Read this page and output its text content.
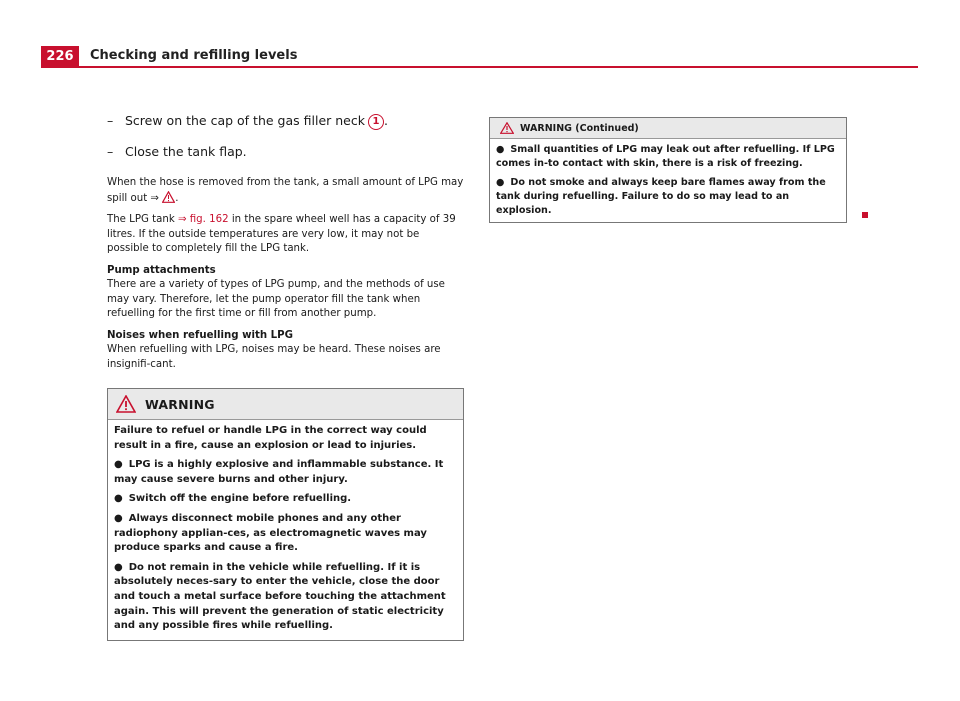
226	Checking and refilling levels
– Screw on the cap of the gas filler neck 1 .
– Close the tank flap.

When the hose is removed from the tank, a small amount of LPG may spill out ⇒ .

The LPG tank ⇒ fig. 162 in the spare wheel well has a capacity of 39 litres. If the outside temperatures are very low, it may not be possible to completely fill the LPG tank.

Pump attachments

There are a variety of types of LPG pump, and the methods of use may vary. Therefore, let the pump operator fill the tank when refuelling for the first time or fill from another pump.

Noises when refuelling with LPG

When refuelling with LPG, noises may be heard. These noises are insignifi-cant.

WARNING

Failure to refuel or handle LPG in the correct way could result in a fire, cause an explosion or lead to injuries.

● LPG is a highly explosive and inflammable substance. It may cause severe burns and other injury.

● Switch off the engine before refuelling.

● Always disconnect mobile phones and any other radiophony applian-ces, as electromagnetic waves may produce sparks and cause a fire.

● Do not remain in the vehicle while refuelling. If it is absolutely neces-sary to enter the vehicle, close the door and touch a metal surface before touching the attachment again. This will prevent the generation of static electricity and any possible fires while refuelling.

WARNING (Continued)

● Small quantities of LPG may leak out after refuelling. If LPG comes in-to contact with skin, there is a risk of freezing.

● Do not smoke and always keep bare flames away from the tank during refuelling. Failure to do so may lead to an explosion.
